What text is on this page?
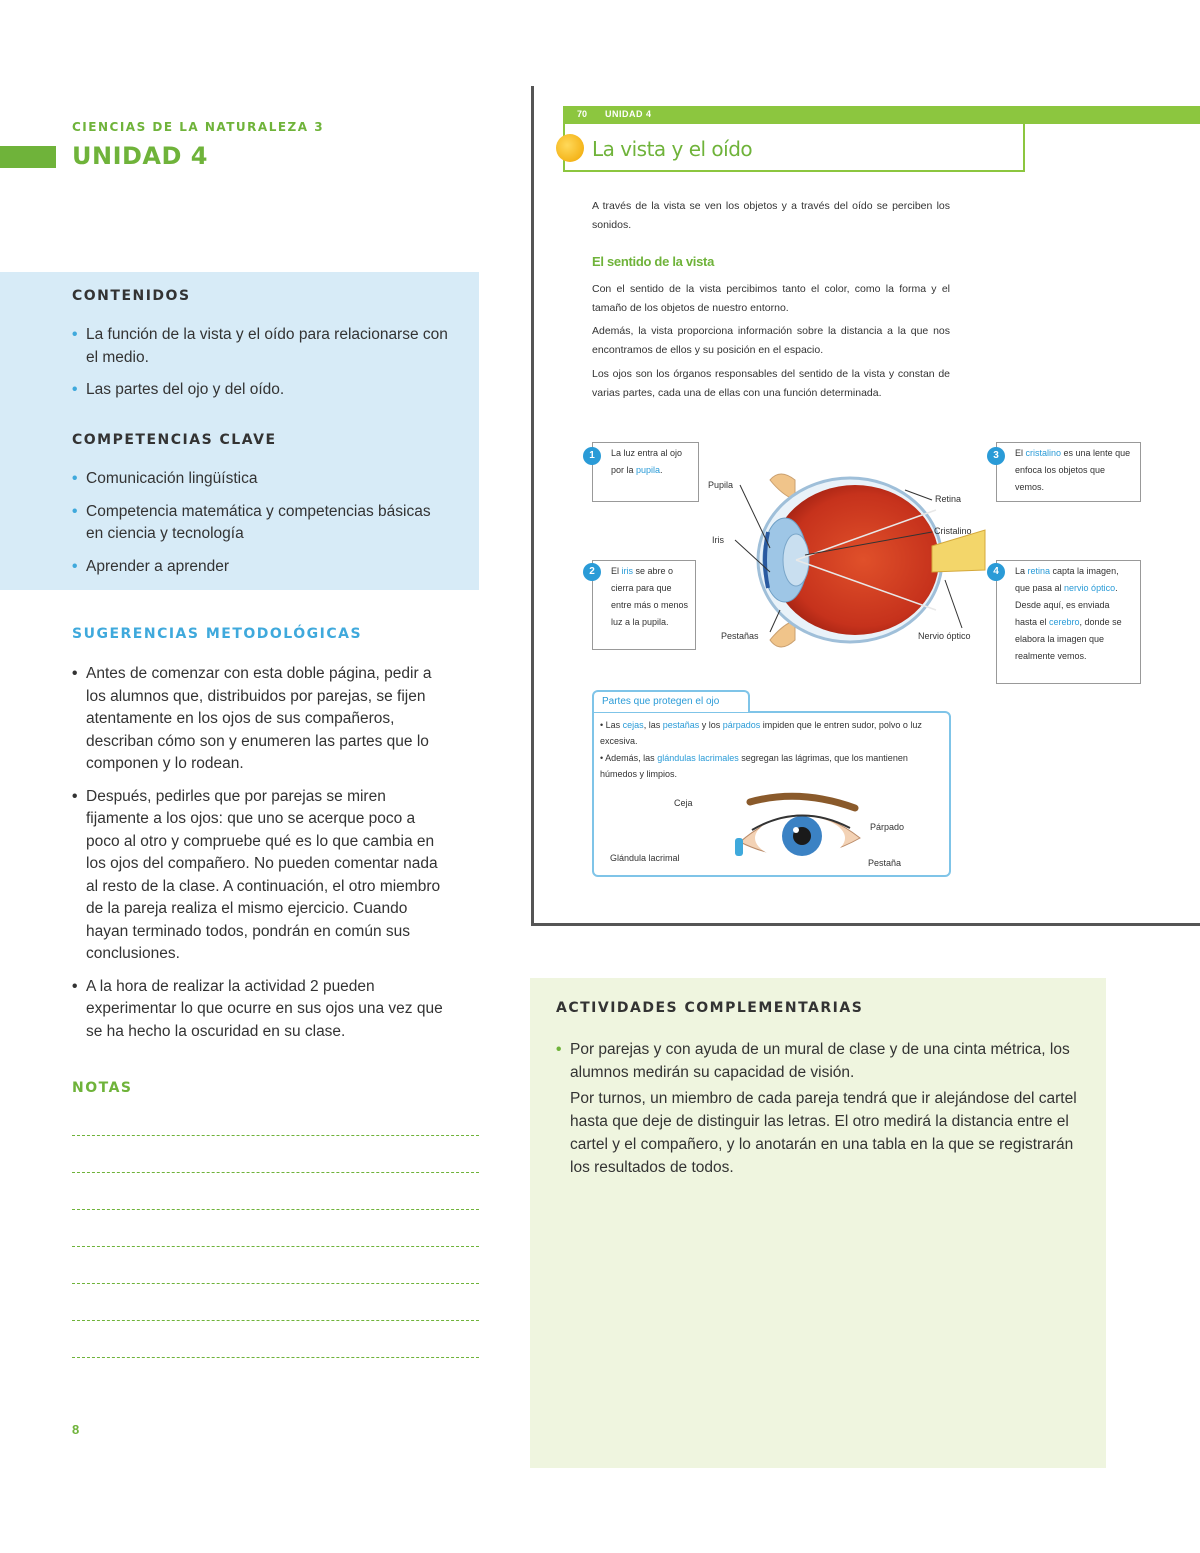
CIENCIAS DE LA NATURALEZA 3
UNIDAD 4
CONTENIDOS
• La función de la vista y el oído para relacionarse con el medio.
• Las partes del ojo y del oído.
COMPETENCIAS CLAVE
• Comunicación lingüística
• Competencia matemática y competencias básicas en ciencia y tecnología
• Aprender a aprender
SUGERENCIAS METODOLÓGICAS
• Antes de comenzar con esta doble página, pedir a los alumnos que, distribuidos por parejas, se fijen atentamente en los ojos de sus compañeros, describan cómo son y enumeren las partes que lo componen y lo rodean.
• Después, pedirles que por parejas se miren fijamente a los ojos: que uno se acerque poco a poco al otro y compruebe qué es lo que cambia en los ojos del compañero. No pueden comentar nada al resto de la clase. A continuación, el otro miembro de la pareja realiza el mismo ejercicio. Cuando hayan terminado todos, pondrán en común sus conclusiones.
• A la hora de realizar la actividad 2 pueden experimentar lo que ocurre en sus ojos una vez que se ha hecho la oscuridad en su clase.
NOTAS
8
70 UNIDAD 4
La vista y el oído
A través de la vista se ven los objetos y a través del oído se perciben los sonidos.
El sentido de la vista
Con el sentido de la vista percibimos tanto el color, como la forma y el tamaño de los objetos de nuestro entorno.
Además, la vista proporciona información sobre la distancia a la que nos encontramos de ellos y su posición en el espacio.
Los ojos son los órganos responsables del sentido de la vista y constan de varias partes, cada una de ellas con una función determinada.
La luz entra al ojo por la pupila.
1
El iris se abre o cierra para que entre más o menos luz a la pupila.
2
El cristalino es una lente que enfoca los objetos que vemos.
3
La retina capta la imagen, que pasa al nervio óptico. Desde aquí, es enviada hasta el cerebro, donde se elabora la imagen que realmente vemos.
4
Pupila
Iris
Pestañas
Retina
Cristalino
Nervio óptico
Partes que protegen el ojo
• Las cejas, las pestañas y los párpados impiden que le entren sudor, polvo o luz excesiva.
• Además, las glándulas lacrimales segregan las lágrimas, que los mantienen húmedos y limpios.
Ceja
Párpado
Glándula lacrimal	Pestaña
ACTIVIDADES COMPLEMENTARIAS
• Por parejas y con ayuda de un mural de clase y de una cinta métrica, los alumnos medirán su capacidad de visión.
Por turnos, un miembro de cada pareja tendrá que ir alejándose del cartel hasta que deje de distinguir las letras. El otro medirá la distancia entre el cartel y el compañero, y lo anotarán en una tabla en la que se registrarán los resultados de todos.
